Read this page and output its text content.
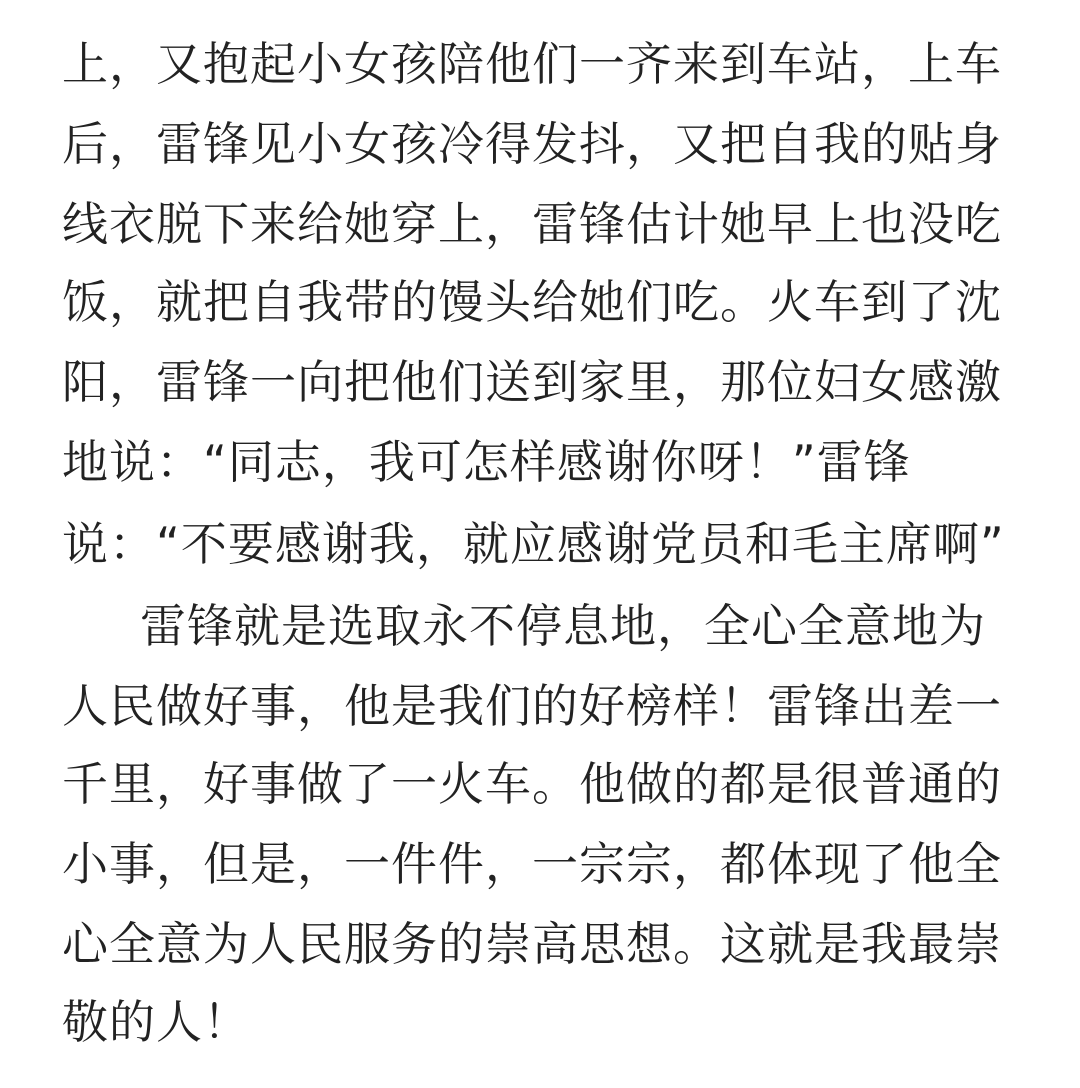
上，又抱起小女孩陪他们一齐来到车站，上车
后，雷锋见小女孩冷得发抖，又把自我的贴身
线衣脱下来给她穿上，雷锋估计她早上也没吃
饭，就把自我带的馒头给她们吃。火车到了沈
阳，雷锋一向把他们送到家里，那位妇女感激
地说：“同志，我可怎样感谢你呀！”雷锋
说：“不要感谢我，就应感谢党员和毛主席啊”
雷锋就是选取永不停息地，全心全意地为
人民做好事，他是我们的好榜样！雷锋出差一
千里，好事做了一火车。他做的都是很普通的
小事，但是，一件件，一宗宗，都体现了他全
心全意为人民服务的崇高思想。这就是我最崇
敬的人！
